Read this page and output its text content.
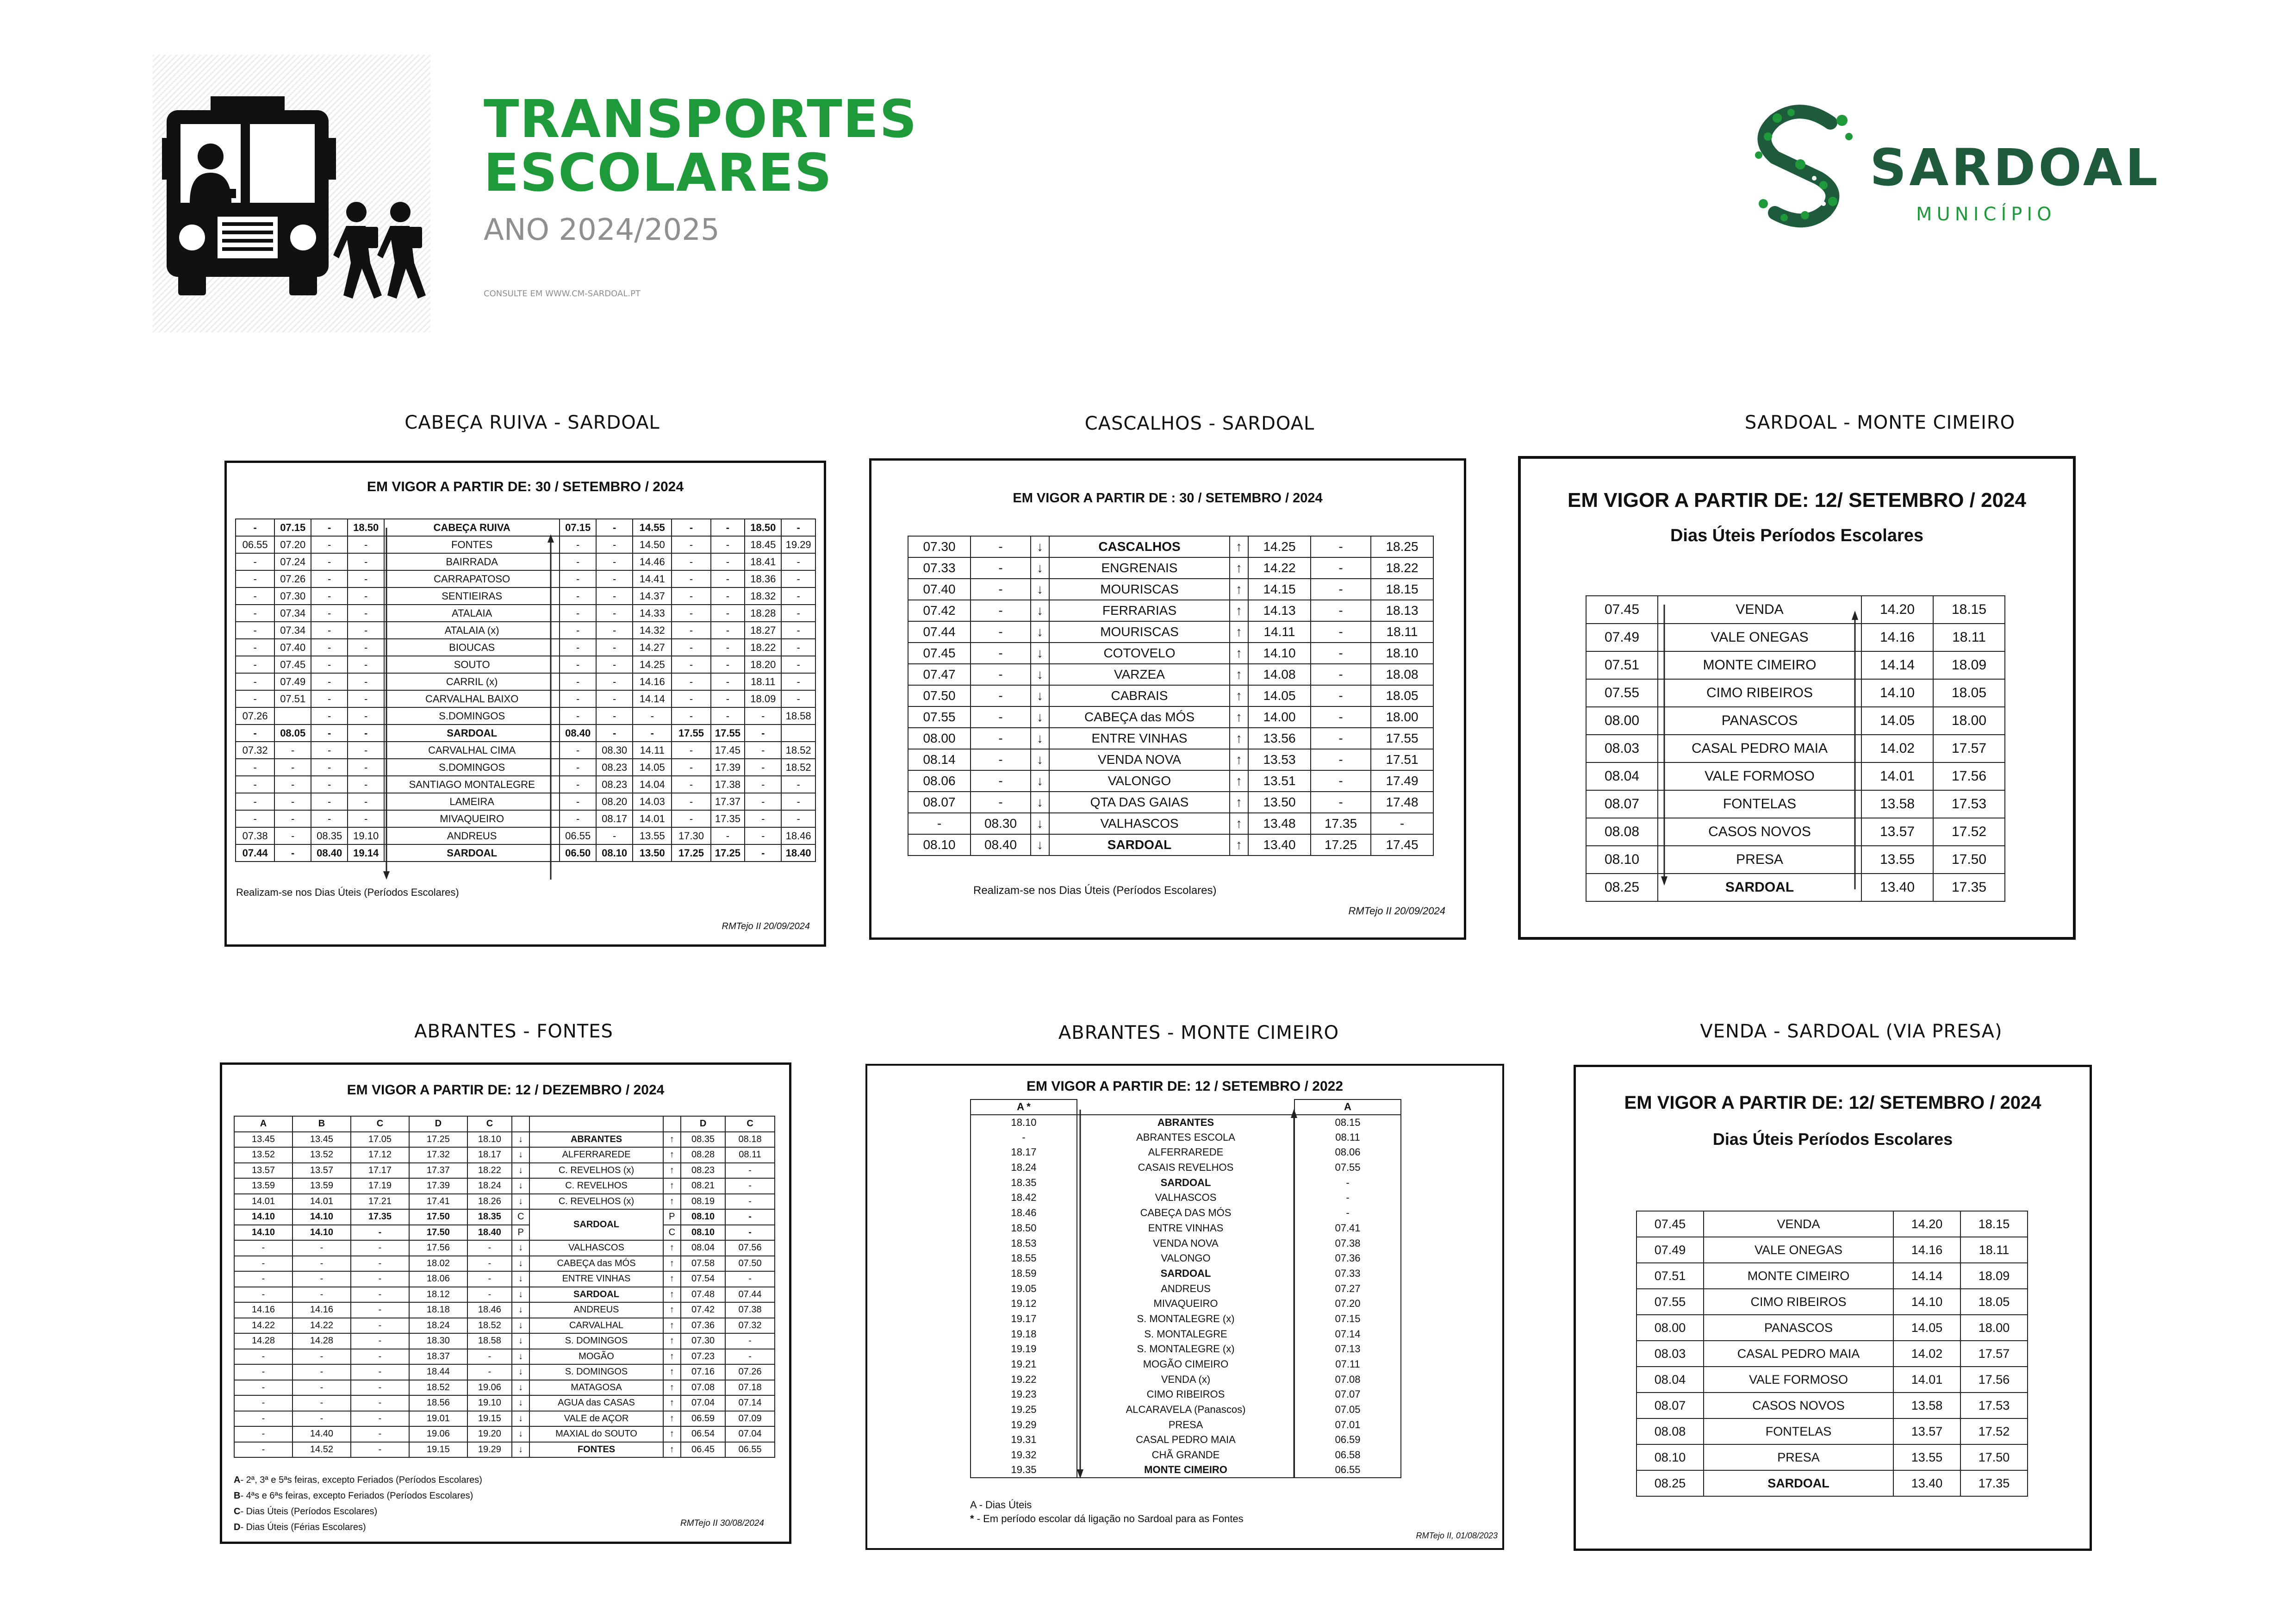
TRANSPORTES
ESCOLARES
ANO 2024/2025
CONSULTE EM WWW.CM-SARDOAL.PT
SARDOAL
MUNICÍPIO
CABEÇA RUIVA - SARDOAL	CASCALHOS - SARDOAL	SARDOAL - MONTE CIMEIRO
ABRANTES - FONTES	ABRANTES - MONTE CIMEIRO	VENDA - SARDOAL (VIA PRESA)
EM VIGOR A PARTIR DE: 30 / SETEMBRO / 2024
-	07.15	-	18.50	CABEÇA RUIVA	07.15	-	14.55	-	-	18.50	-
06.55	07.20	-	-	FONTES	-	-	14.50	-	-	18.45	19.29
-	07.24	-	-	BAIRRADA	-	-	14.46	-	-	18.41	-
-	07.26	-	-	CARRAPATOSO	-	-	14.41	-	-	18.36	-
-	07.30	-	-	SENTIEIRAS	-	-	14.37	-	-	18.32	-
-	07.34	-	-	ATALAIA	-	-	14.33	-	-	18.28	-
-	07.34	-	-	ATALAIA (x)	-	-	14.32	-	-	18.27	-
-	07.40	-	-	BIOUCAS	-	-	14.27	-	-	18.22	-
-	07.45	-	-	SOUTO	-	-	14.25	-	-	18.20	-
-	07.49	-	-	CARRIL (x)	-	-	14.16	-	-	18.11	-
-	07.51	-	-	CARVALHAL BAIXO	-	-	14.14	-	-	18.09	-
07.26		-	-	S.DOMINGOS	-	-	-	-	-	-	18.58
-	08.05	-	-	SARDOAL	08.40	-	-	17.55	17.55	-	
07.32	-	-	-	CARVALHAL CIMA	-	08.30	14.11	-	17.45	-	18.52
-	-	-	-	S.DOMINGOS	-	08.23	14.05	-	17.39	-	18.52
-	-	-	-	SANTIAGO MONTALEGRE	-	08.23	14.04	-	17.38	-	-
-	-	-	-	LAMEIRA	-	08.20	14.03	-	17.37	-	-
-	-	-	-	MIVAQUEIRO	-	08.17	14.01	-	17.35	-	-
07.38	-	08.35	19.10	ANDREUS	06.55	-	13.55	17.30	-	-	18.46
07.44	-	08.40	19.14	SARDOAL	06.50	08.10	13.50	17.25	17.25	-	18.40
Realizam-se nos Dias Úteis (Períodos Escolares)
RMTejo II 20/09/2024
EM VIGOR A PARTIR DE : 30 / SETEMBRO / 2024
07.30	-	↓	CASCALHOS	↑	14.25	-	18.25
07.33	-	↓	ENGRENAIS	↑	14.22	-	18.22
07.40	-	↓	MOURISCAS	↑	14.15	-	18.15
07.42	-	↓	FERRARIAS	↑	14.13	-	18.13
07.44	-	↓	MOURISCAS	↑	14.11	-	18.11
07.45	-	↓	COTOVELO	↑	14.10	-	18.10
07.47	-	↓	VARZEA	↑	14.08	-	18.08
07.50	-	↓	CABRAIS	↑	14.05	-	18.05
07.55	-	↓	CABEÇA das MÓS	↑	14.00	-	18.00
08.00	-	↓	ENTRE VINHAS	↑	13.56	-	17.55
08.14	-	↓	VENDA NOVA	↑	13.53	-	17.51
08.06	-	↓	VALONGO	↑	13.51	-	17.49
08.07	-	↓	QTA DAS GAIAS	↑	13.50	-	17.48
-	08.30	↓	VALHASCOS	↑	13.48	17.35	-
08.10	08.40	↓	SARDOAL	↑	13.40	17.25	17.45
Realizam-se nos Dias Úteis (Períodos Escolares)
RMTejo II 20/09/2024
EM VIGOR A PARTIR DE: 12/ SETEMBRO / 2024
Dias Úteis Períodos Escolares
07.45	VENDA	14.20	18.15
07.49	VALE ONEGAS	14.16	18.11
07.51	MONTE CIMEIRO	14.14	18.09
07.55	CIMO RIBEIROS	14.10	18.05
08.00	PANASCOS	14.05	18.00
08.03	CASAL PEDRO MAIA	14.02	17.57
08.04	VALE FORMOSO	14.01	17.56
08.07	FONTELAS	13.58	17.53
08.08	CASOS NOVOS	13.57	17.52
08.10	PRESA	13.55	17.50
08.25	SARDOAL	13.40	17.35
EM VIGOR A PARTIR DE: 12 / DEZEMBRO / 2024
A	B	C	D	C				D	C
13.45	13.45	17.05	17.25	18.10	↓	ABRANTES	↑	08.35	08.18
13.52	13.52	17.12	17.32	18.17	↓	ALFERRAREDE	↑	08.28	08.11
13.57	13.57	17.17	17.37	18.22	↓	C. REVELHOS (x)	↑	08.23	-
13.59	13.59	17.19	17.39	18.24	↓	C. REVELHOS	↑	08.21	-
14.01	14.01	17.21	17.41	18.26	↓	C. REVELHOS (x)	↑	08.19	-
14.10	14.10	17.35	17.50	18.35	C	SARDOAL	P	08.10	-
14.10	14.10	-	17.50	18.40	P		C	08.10	-
-	-	-	17.56	-	↓	VALHASCOS	↑	08.04	07.56
-	-	-	18.02	-	↓	CABEÇA das MÓS	↑	07.58	07.50
-	-	-	18.06	-	↓	ENTRE VINHAS	↑	07.54	-
-	-	-	18.12	-	↓	SARDOAL	↑	07.48	07.44
14.16	14.16	-	18.18	18.46	↓	ANDREUS	↑	07.42	07.38
14.22	14.22	-	18.24	18.52	↓	CARVALHAL	↑	07.36	07.32
14.28	14.28	-	18.30	18.58	↓	S. DOMINGOS	↑	07.30	-
-	-	-	18.37	-	↓	MOGÃO	↑	07.23	-
-	-	-	18.44	-	↓	S. DOMINGOS	↑	07.16	07.26
-	-	-	18.52	19.06	↓	MATAGOSA	↑	07.08	07.18
-	-	-	18.56	19.10	↓	AGUA das CASAS	↑	07.04	07.14
-	-	-	19.01	19.15	↓	VALE de AÇOR	↑	06.59	07.09
-	14.40	-	19.06	19.20	↓	MAXIAL do SOUTO	↑	06.54	07.04
-	14.52	-	19.15	19.29	↓	FONTES	↑	06.45	06.55
A- 2ª, 3ª e 5ªs feiras, excepto Feriados (Períodos Escolares)
B- 4ªs e 6ªs feiras, excepto Feriados (Períodos Escolares)
C- Dias Úteis (Períodos Escolares)
D- Dias Úteis (Férias Escolares)	RMTejo II 30/08/2024
EM VIGOR A PARTIR DE: 12 / SETEMBRO / 2022
A *		A
18.10	ABRANTES	08.15
-	ABRANTES ESCOLA	08.11
18.17	ALFERRAREDE	08.06
18.24	CASAIS REVELHOS	07.55
18.35	SARDOAL	-
18.42	VALHASCOS	-
18.46	CABEÇA DAS MÓS	-
18.50	ENTRE VINHAS	07.41
18.53	VENDA NOVA	07.38
18.55	VALONGO	07.36
18.59	SARDOAL	07.33
19.05	ANDREUS	07.27
19.12	MIVAQUEIRO	07.20
19.17	S. MONTALEGRE (x)	07.15
19.18	S. MONTALEGRE	07.14
19.19	S. MONTALEGRE (x)	07.13
19.21	MOGÃO CIMEIRO	07.11
19.22	VENDA (x)	07.08
19.23	CIMO RIBEIROS	07.07
19.25	ALCARAVELA (Panascos)	07.05
19.29	PRESA	07.01
19.31	CASAL PEDRO MAIA	06.59
19.32	CHÃ GRANDE	06.58
19.35	MONTE CIMEIRO	06.55
A - Dias Úteis
* - Em período escolar dá ligação no Sardoal para as Fontes
RMTejo II, 01/08/2023
EM VIGOR A PARTIR DE: 12/ SETEMBRO / 2024
Dias Úteis Períodos Escolares
07.45	VENDA	14.20	18.15
07.49	VALE ONEGAS	14.16	18.11
07.51	MONTE CIMEIRO	14.14	18.09
07.55	CIMO RIBEIROS	14.10	18.05
08.00	PANASCOS	14.05	18.00
08.03	CASAL PEDRO MAIA	14.02	17.57
08.04	VALE FORMOSO	14.01	17.56
08.07	CASOS NOVOS	13.58	17.53
08.08	FONTELAS	13.57	17.52
08.10	PRESA	13.55	17.50
08.25	SARDOAL	13.40	17.35
